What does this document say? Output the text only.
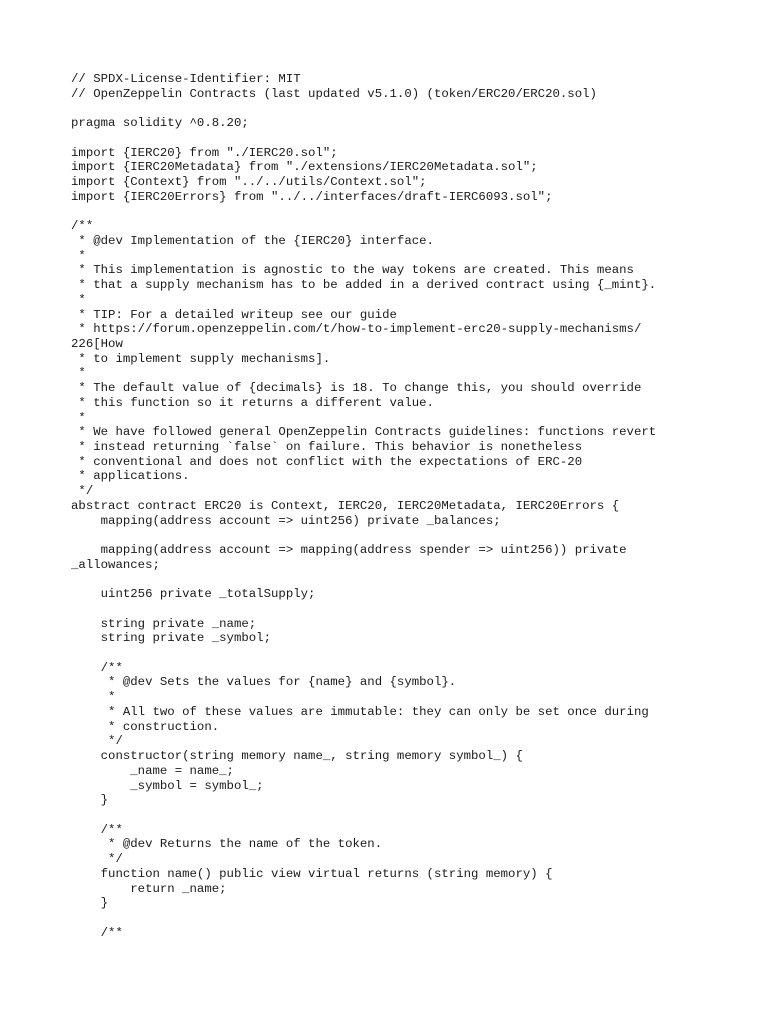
// SPDX-License-Identifier: MIT
// OpenZeppelin Contracts (last updated v5.1.0) (token/ERC20/ERC20.sol)
pragma solidity ^0.8.20;
import {IERC20} from "./IERC20.sol";
import {IERC20Metadata} from "./extensions/IERC20Metadata.sol";
import {Context} from "../../utils/Context.sol";
import {IERC20Errors} from "../../interfaces/draft-IERC6093.sol";
/**
* @dev Implementation of the {IERC20} interface.
*
* This implementation is agnostic to the way tokens are created. This means
* that a supply mechanism has to be added in a derived contract using {_mint}.
*
* TIP: For a detailed writeup see our guide
* https://forum.openzeppelin.com/t/how-to-implement-erc20-supply-mechanisms/
226[How
* to implement supply mechanisms].
*
* The default value of {decimals} is 18. To change this, you should override
* this function so it returns a different value.
*
* We have followed general OpenZeppelin Contracts guidelines: functions revert
* instead returning `false` on failure. This behavior is nonetheless
* conventional and does not conflict with the expectations of ERC-20
* applications.
*/
abstract contract ERC20 is Context, IERC20, IERC20Metadata, IERC20Errors {
mapping(address account => uint256) private _balances;
mapping(address account => mapping(address spender => uint256)) private
_allowances;
uint256 private _totalSupply;
string private _name;
string private _symbol;
/**
* @dev Sets the values for {name} and {symbol}.
*
* All two of these values are immutable: they can only be set once during
* construction.
*/
constructor(string memory name_, string memory symbol_) {
_name = name_;
_symbol = symbol_;
}
/**
* @dev Returns the name of the token.
*/
function name() public view virtual returns (string memory) {
return _name;
}
/**
